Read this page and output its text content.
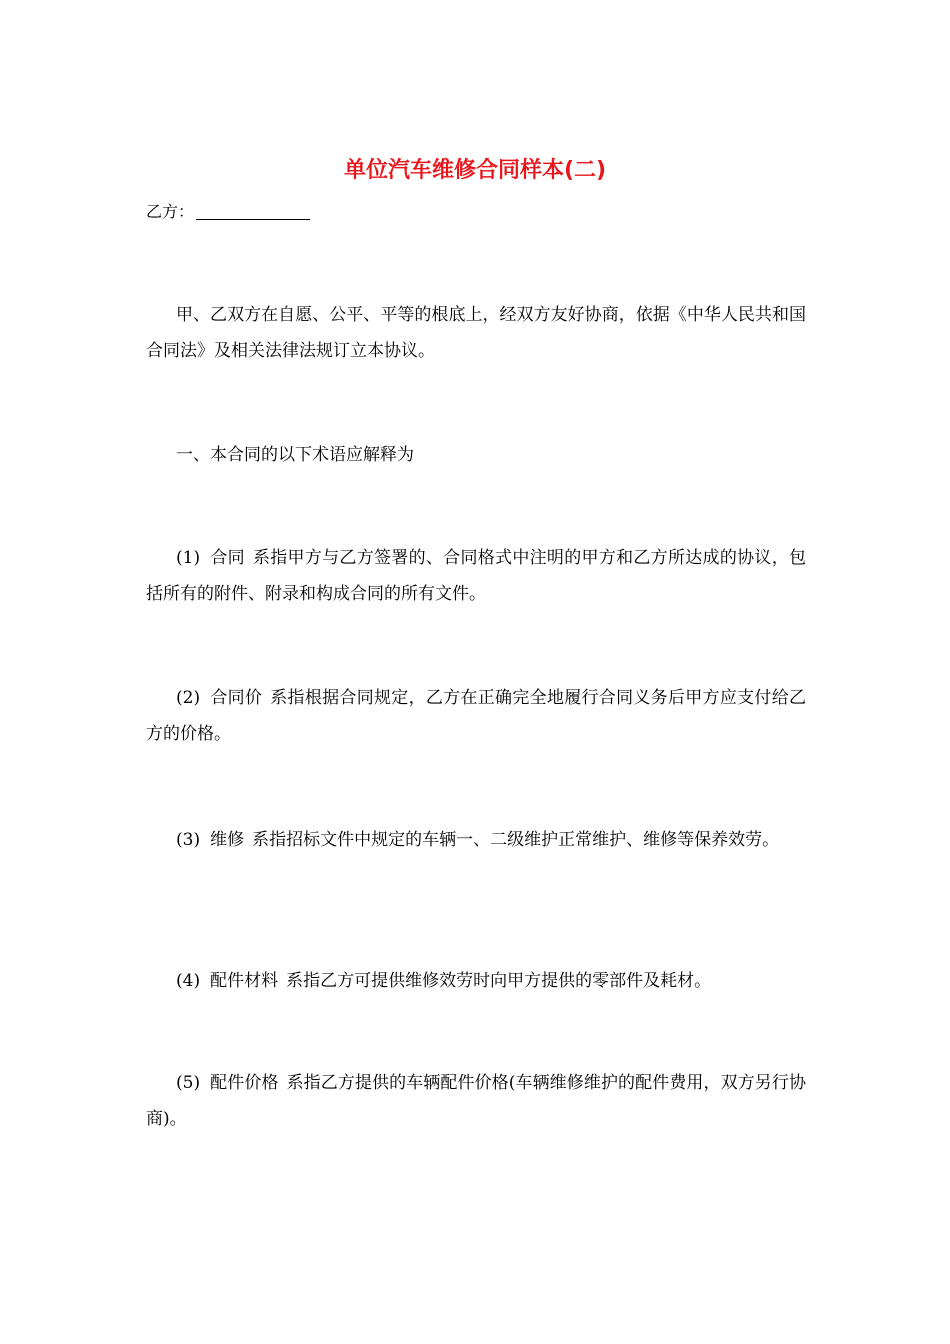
单位汽车维修合同样本(二)
乙方：

甲、乙双方在自愿、公平、平等的根底上，经双方友好协商，依据《中华人民共和国合同法》及相关法律法规订立本协议。

一、本合同的以下术语应解释为

(1) 合同 系指甲方与乙方签署的、合同格式中注明的甲方和乙方所达成的协议，包括所有的附件、附录和构成合同的所有文件。

(2) 合同价 系指根据合同规定，乙方在正确完全地履行合同义务后甲方应支付给乙方的价格。

(3) 维修 系指招标文件中规定的车辆一、二级维护正常维护、维修等保养效劳。

(4) 配件材料 系指乙方可提供维修效劳时向甲方提供的零部件及耗材。

(5) 配件价格 系指乙方提供的车辆配件价格(车辆维修维护的配件费用，双方另行协商)。
